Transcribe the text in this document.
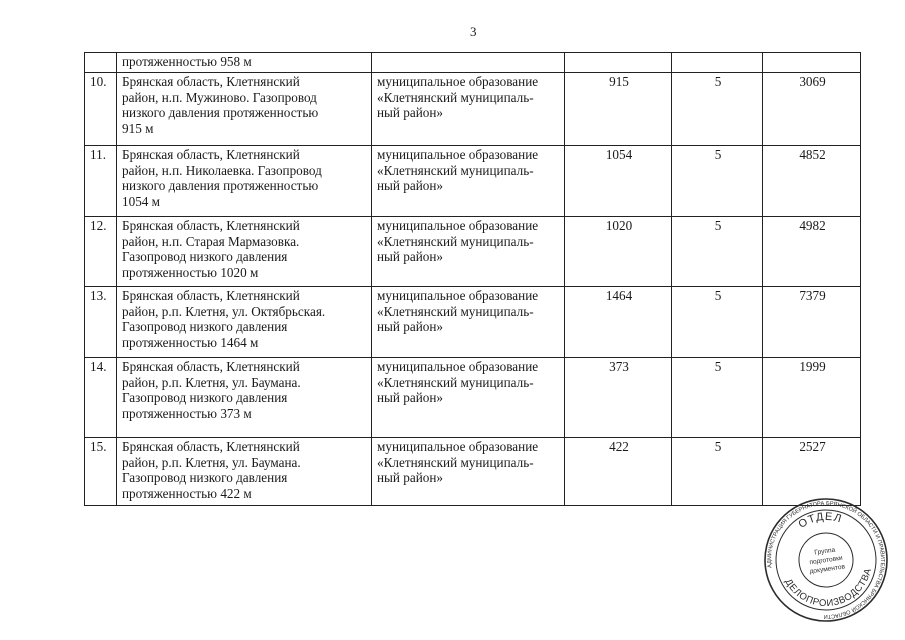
3
	протяженностью 958 м				
10.	Брянская область, Клетнянский
район, н.п. Мужиново. Газопровод
низкого давления протяженностью
915 м	муниципальное образование
«Клетнянский муниципаль-
ный район»	915	5	3069
11.	Брянская область, Клетнянский
район, н.п. Николаевка. Газопровод
низкого давления протяженностью
1054 м	муниципальное образование
«Клетнянский муниципаль-
ный район»	1054	5	4852
12.	Брянская область, Клетнянский
район, н.п. Старая Мармазовка.
Газопровод низкого давления
протяженностью 1020 м	муниципальное образование
«Клетнянский муниципаль-
ный район»	1020	5	4982
13.	Брянская область, Клетнянский
район, р.п. Клетня, ул. Октябрьская.
Газопровод низкого давления
протяженностью 1464 м	муниципальное образование
«Клетнянский муниципаль-
ный район»	1464	5	7379
14.	Брянская область, Клетнянский
район, р.п. Клетня, ул. Баумана.
Газопровод низкого давления
протяженностью 373 м	муниципальное образование
«Клетнянский муниципаль-
ный район»	373	5	1999
15.	Брянская область, Клетнянский
район, р.п. Клетня, ул. Баумана.
Газопровод низкого давления
протяженностью 422 м	муниципальное образование
«Клетнянский муниципаль-
ный район»	422	5	2527
АДМИНИСТРАЦИЯ ГУБЕРНАТОРА БРЯНСКОЙ ОБЛАСТИ И ПРАВИТЕЛЬСТВА БРЯНСКОЙ ОБЛАСТИ
ОТДЕЛ
ДЕЛОПРОИЗВОДСТВА
Группа
подготовки
документов
